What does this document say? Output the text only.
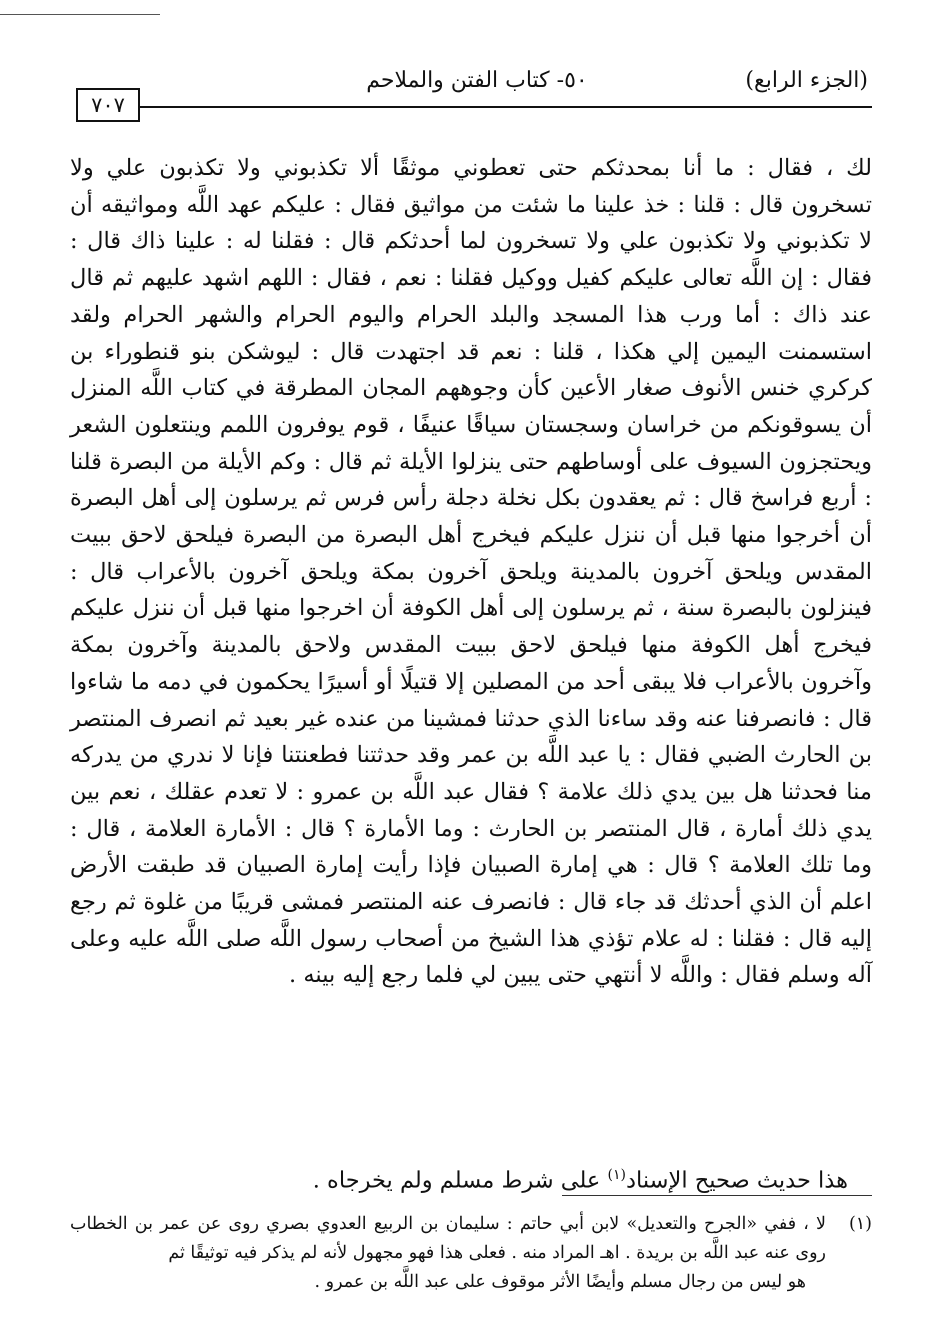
(الجزء الرابع)
٥٠- كتاب الفتن والملاحم
٧٠٧
لك ، فقال : ما أنا بمحدثكم حتى تعطوني موثقًا ألا تكذبوني ولا تكذبون علي ولا تسخرون قال : قلنا : خذ علينا ما شئت من مواثيق فقال : عليكم عهد اللَّه ومواثيقه أن لا تكذبوني ولا تكذبون علي ولا تسخرون لما أحدثكم قال : فقلنا له : علينا ذاك قال : فقال : إن اللَّه تعالى عليكم كفيل ووكيل فقلنا : نعم ، فقال : اللهم اشهد عليهم ثم قال عند ذاك : أما ورب هذا المسجد والبلد الحرام واليوم الحرام والشهر الحرام ولقد استسمنت اليمين إلي هكذا ، قلنا : نعم قد اجتهدت قال : ليوشكن بنو قنطوراء بن كركري خنس الأنوف صغار الأعين كأن وجوههم المجان المطرقة في كتاب اللَّه المنزل أن يسوقونكم من خراسان وسجستان سياقًا عنيفًا ، قوم يوفرون اللمم وينتعلون الشعر ويحتجزون السيوف على أوساطهم حتى ينزلوا الأيلة ثم قال : وكم الأيلة من البصرة قلنا : أربع فراسخ قال : ثم يعقدون بكل نخلة دجلة رأس فرس ثم يرسلون إلى أهل البصرة أن أخرجوا منها قبل أن ننزل عليكم فيخرج أهل البصرة من البصرة فيلحق لاحق ببيت المقدس ويلحق آخرون بالمدينة ويلحق آخرون بمكة ويلحق آخرون بالأعراب قال : فينزلون بالبصرة سنة ، ثم يرسلون إلى أهل الكوفة أن اخرجوا منها قبل أن ننزل عليكم فيخرج أهل الكوفة منها فيلحق لاحق ببيت المقدس ولاحق بالمدينة وآخرون بمكة وآخرون بالأعراب فلا يبقى أحد من المصلين إلا قتيلًا أو أسيرًا يحكمون في دمه ما شاءوا قال : فانصرفنا عنه وقد ساءنا الذي حدثنا فمشينا من عنده غير بعيد ثم انصرف المنتصر بن الحارث الضبي فقال : يا عبد اللَّه بن عمر وقد حدثتنا فطعنتنا فإنا لا ندري من يدركه منا فحدثنا هل بين يدي ذلك علامة ؟ فقال عبد اللَّه بن عمرو : لا تعدم عقلك ، نعم بين يدي ذلك أمارة ، قال المنتصر بن الحارث : وما الأمارة ؟ قال : الأمارة العلامة ، قال : وما تلك العلامة ؟ قال : هي إمارة الصبيان فإذا رأيت إمارة الصبيان قد طبقت الأرض اعلم أن الذي أحدثك قد جاء قال : فانصرف عنه المنتصر فمشى قريبًا من غلوة ثم رجع إليه قال : فقلنا : له علام تؤذي هذا الشيخ من أصحاب رسول اللَّه صلى اللَّه عليه وعلى آله وسلم فقال : واللَّه لا أنتهي حتى يبين لي فلما رجع إليه بينه .
هذا حديث صحيح الإسناد$^{(١)}$ على شرط مسلم ولم يخرجاه .
(١)
لا ، ففي «الجرح والتعديل» لابن أبي حاتم : سليمان بن الربيع العدوي بصري روى عن عمر بن الخطاب روى عنه عبد اللَّه بن بريدة . اهـ المراد منه . فعلى هذا فهو مجهول لأنه لم يذكر فيه توثيقًا ثم
هو ليس من رجال مسلم وأيضًا الأثر موقوف على عبد اللَّه بن عمرو .
